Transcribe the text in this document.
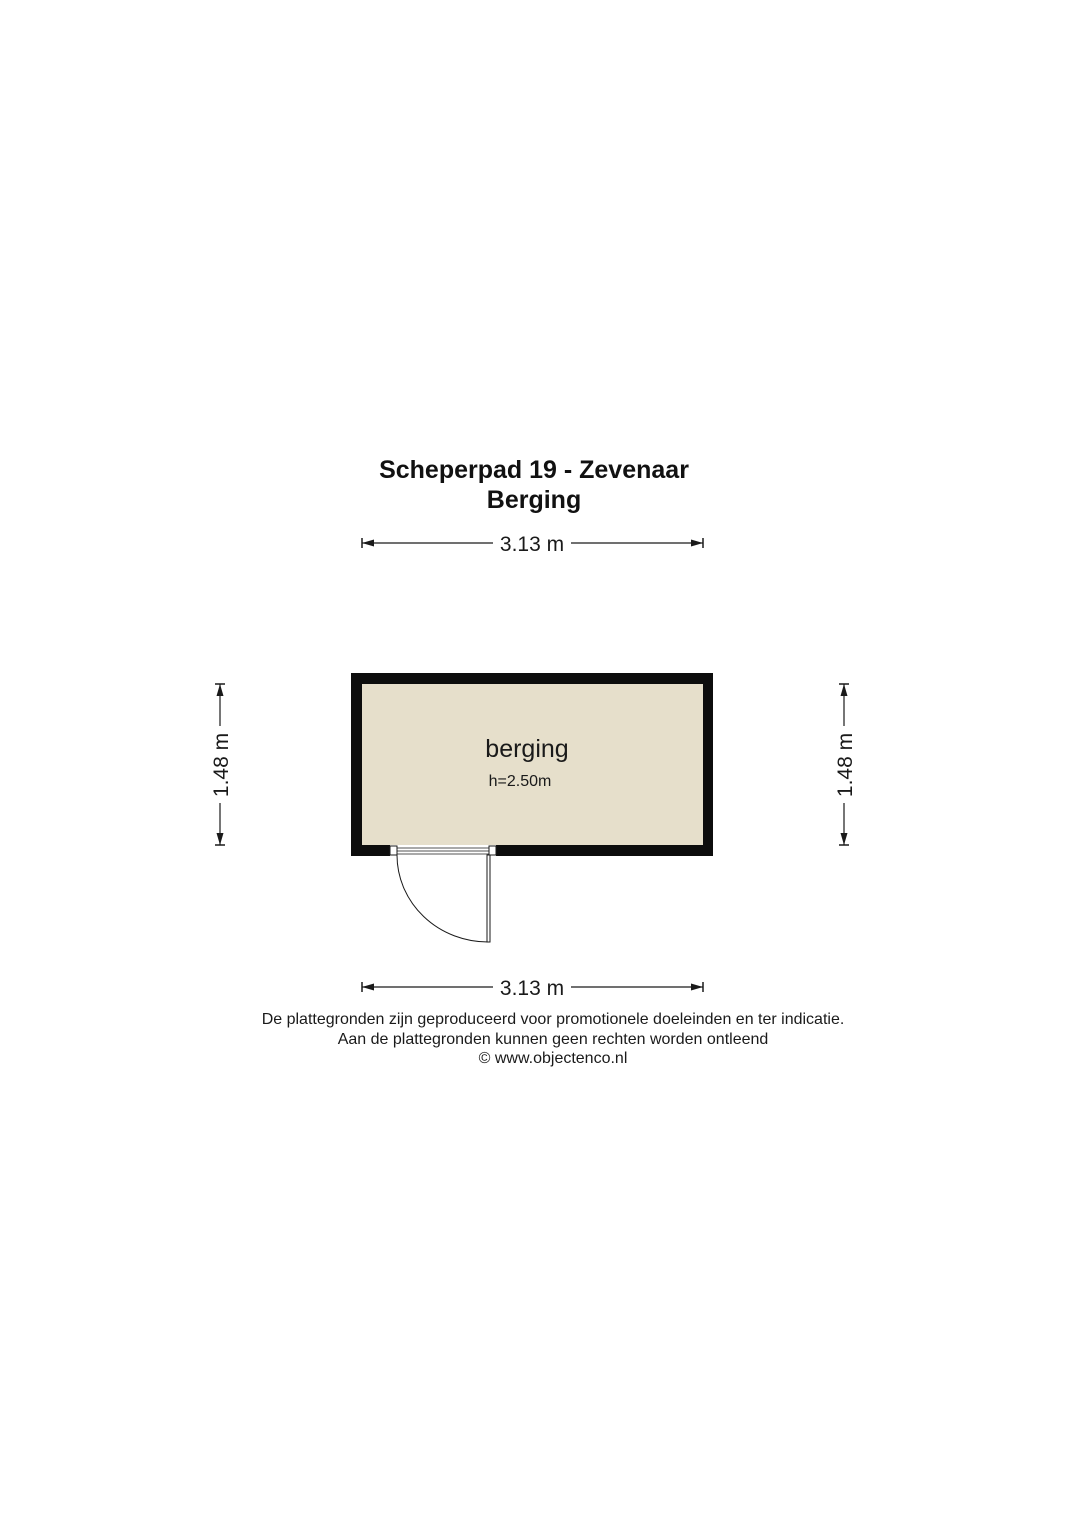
Scheperpad 19 - Zevenaar
Berging
3.13 m
1.48 m	1.48 m
berging
h=2.50m
3.13 m
De plattegronden zijn geproduceerd voor promotionele doeleinden en ter indicatie.
Aan de plattegronden kunnen geen rechten worden ontleend
© www.objectenco.nl
